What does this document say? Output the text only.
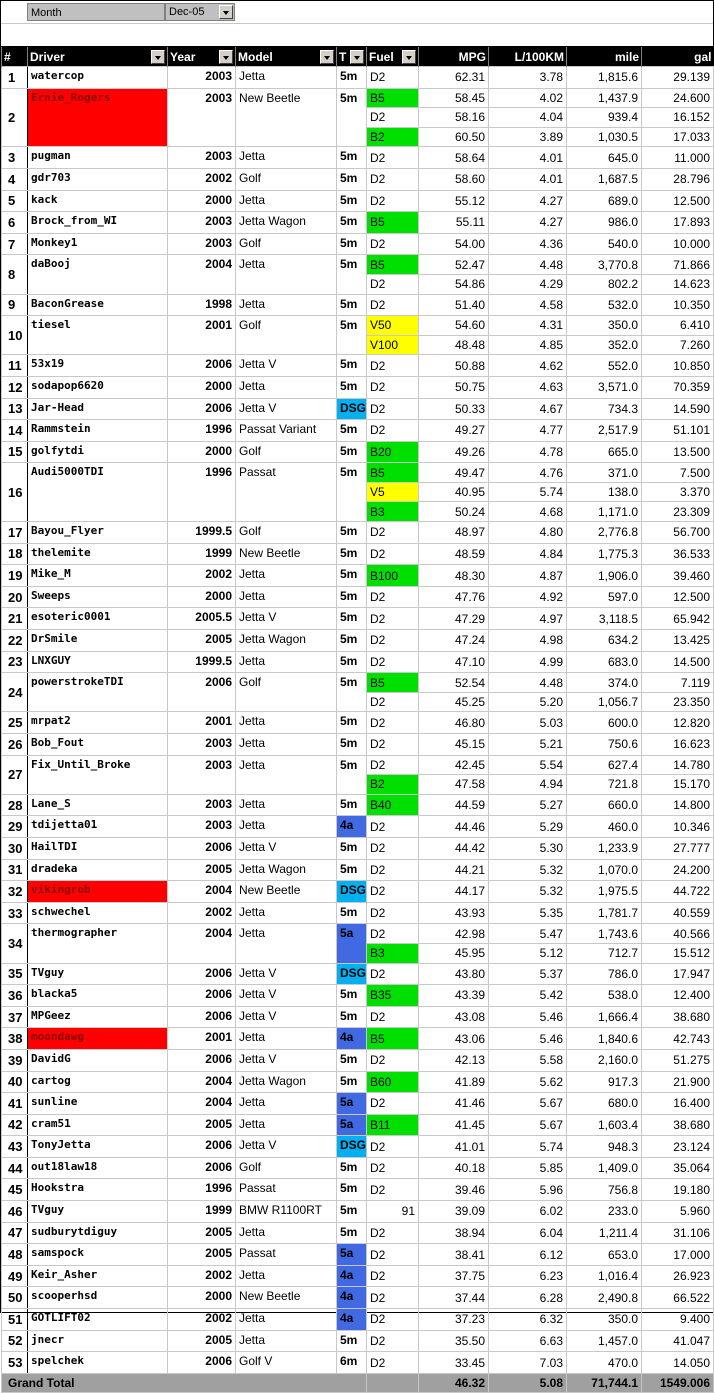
Month	Dec-05
#	Driver	Year	Model	T	Fuel	MPG	L/100KM	mile	gal
1	watercop	2003	Jetta	5m	D2	62.31	3.78	1,815.6	29.139
2	Ernie_Rogers	2003	New Beetle	5m	B5	58.45	4.02	1,437.9	24.600
					D2	58.16	4.04	939.4	16.152
					B2	60.50	3.89	1,030.5	17.033
3	pugman	2003	Jetta	5m	D2	58.64	4.01	645.0	11.000
4	gdr703	2002	Golf	5m	D2	58.60	4.01	1,687.5	28.796
5	kack	2000	Jetta	5m	D2	55.12	4.27	689.0	12.500
6	Brock_from_WI	2003	Jetta Wagon	5m	B5	55.11	4.27	986.0	17.893
7	Monkey1	2003	Golf	5m	D2	54.00	4.36	540.0	10.000
8	daBooj	2004	Jetta	5m	B5	52.47	4.48	3,770.8	71.866
					D2	54.86	4.29	802.2	14.623
9	BaconGrease	1998	Jetta	5m	D2	51.40	4.58	532.0	10.350
10	tiesel	2001	Golf	5m	V50	54.60	4.31	350.0	6.410
					V100	48.48	4.85	352.0	7.260
11	53x19	2006	Jetta V	5m	D2	50.88	4.62	552.0	10.850
12	sodapop6620	2000	Jetta	5m	D2	50.75	4.63	3,571.0	70.359
13	Jar-Head	2006	Jetta V	DSG	D2	50.33	4.67	734.3	14.590
14	Rammstein	1996	Passat Variant	5m	D2	49.27	4.77	2,517.9	51.101
15	golfytdi	2000	Golf	5m	B20	49.26	4.78	665.0	13.500
16	Audi5000TDI	1996	Passat	5m	B5	49.47	4.76	371.0	7.500
					V5	40.95	5.74	138.0	3.370
					B3	50.24	4.68	1,171.0	23.309
17	Bayou_Flyer	1999.5	Golf	5m	D2	48.97	4.80	2,776.8	56.700
18	thelemite	1999	New Beetle	5m	D2	48.59	4.84	1,775.3	36.533
19	Mike_M	2002	Jetta	5m	B100	48.30	4.87	1,906.0	39.460
20	Sweeps	2000	Jetta	5m	D2	47.76	4.92	597.0	12.500
21	esoteric0001	2005.5	Jetta V	5m	D2	47.29	4.97	3,118.5	65.942
22	DrSmile	2005	Jetta Wagon	5m	D2	47.24	4.98	634.2	13.425
23	LNXGUY	1999.5	Jetta	5m	D2	47.10	4.99	683.0	14.500
24	powerstrokeTDI	2006	Golf	5m	B5	52.54	4.48	374.0	7.119
					D2	45.25	5.20	1,056.7	23.350
25	mrpat2	2001	Jetta	5m	D2	46.80	5.03	600.0	12.820
26	Bob_Fout	2003	Jetta	5m	D2	45.15	5.21	750.6	16.623
27	Fix_Until_Broke	2003	Jetta	5m	D2	42.45	5.54	627.4	14.780
					B2	47.58	4.94	721.8	15.170
28	Lane_S	2003	Jetta	5m	B40	44.59	5.27	660.0	14.800
29	tdijetta01	2003	Jetta	4a	D2	44.46	5.29	460.0	10.346
30	HailTDI	2006	Jetta V	5m	D2	44.42	5.30	1,233.9	27.777
31	dradeka	2005	Jetta Wagon	5m	D2	44.21	5.32	1,070.0	24.200
32	vikingrob	2004	New Beetle	DSG	D2	44.17	5.32	1,975.5	44.722
33	schwechel	2002	Jetta	5m	D2	43.93	5.35	1,781.7	40.559
34	thermographer	2004	Jetta	5a	D2	42.98	5.47	1,743.6	40.566
					B3	45.95	5.12	712.7	15.512
35	TVguy	2006	Jetta V	DSG	D2	43.80	5.37	786.0	17.947
36	blacka5	2006	Jetta V	5m	B35	43.39	5.42	538.0	12.400
37	MPGeez	2006	Jetta V	5m	D2	43.08	5.46	1,666.4	38.680
38	moondawg	2001	Jetta	4a	B5	43.06	5.46	1,840.6	42.743
39	DavidG	2006	Jetta V	5m	D2	42.13	5.58	2,160.0	51.275
40	cartog	2004	Jetta Wagon	5m	B60	41.89	5.62	917.3	21.900
41	sunline	2004	Jetta	5a	D2	41.46	5.67	680.0	16.400
42	cram51	2005	Jetta	5a	B11	41.45	5.67	1,603.4	38.680
43	TonyJetta	2006	Jetta V	DSG	D2	41.01	5.74	948.3	23.124
44	out18law18	2006	Golf	5m	D2	40.18	5.85	1,409.0	35.064
45	Hookstra	1996	Passat	5m	D2	39.46	5.96	756.8	19.180
46	TVguy	1999	BMW R1100RT	5m	91	39.09	6.02	233.0	5.960
47	sudburytdiguy	2005	Jetta	5m	D2	38.94	6.04	1,211.4	31.106
48	samspock	2005	Passat	5a	D2	38.41	6.12	653.0	17.000
49	Keir_Asher	2002	Jetta	4a	D2	37.75	6.23	1,016.4	26.923
50	scooperhsd	2000	New Beetle	4a	D2	37.44	6.28	2,490.8	66.522
51	GOTLIFT02	2002	Jetta	4a	D2	37.23	6.32	350.0	9.400
52	jnecr	2005	Jetta	5m	D2	35.50	6.63	1,457.0	41.047
53	spelchek	2006	Golf V	6m	D2	33.45	7.03	470.0	14.050
Grand Total						46.32	5.08	71,744.1	1549.006
